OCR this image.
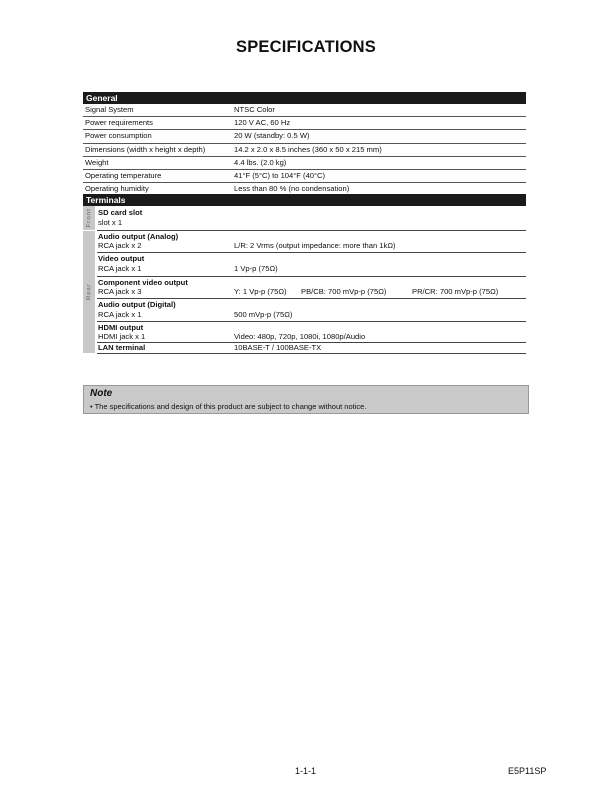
SPECIFICATIONS
General
Signal System	NTSC Color
Power requirements	120 V AC, 60 Hz
Power consumption	20 W (standby: 0.5 W)
Dimensions (width x height x depth)	14.2 x 2.0 x 8.5 inches (360 x 50 x 215 mm)
Weight	4.4 lbs. (2.0 kg)
Operating temperature	41°F (5°C) to 104°F (40°C)
Operating humidity	Less than 80 % (no condensation)
Terminals
Front
Rear
SD card slot
slot x 1
Audio output (Analog)
RCA jack x 2	L/R: 2 Vrms (output impedance: more than 1kΩ)
Video output
RCA jack x 1	1 Vp-p (75Ω)
Component video output
RCA jack x 3	Y: 1 Vp-p (75Ω) PB/CB: 700 mVp-p (75Ω)	PR/CR: 700 mVp-p (75Ω)
Audio output (Digital)
RCA jack x 1	500 mVp-p (75Ω)
HDMI output
HDMI jack x 1	Video: 480p, 720p, 1080i, 1080p/Audio
LAN terminal	10BASE-T / 100BASE-TX
Note
• The specifications and design of this product are subject to change without notice.
1-1-1	E5P11SP
